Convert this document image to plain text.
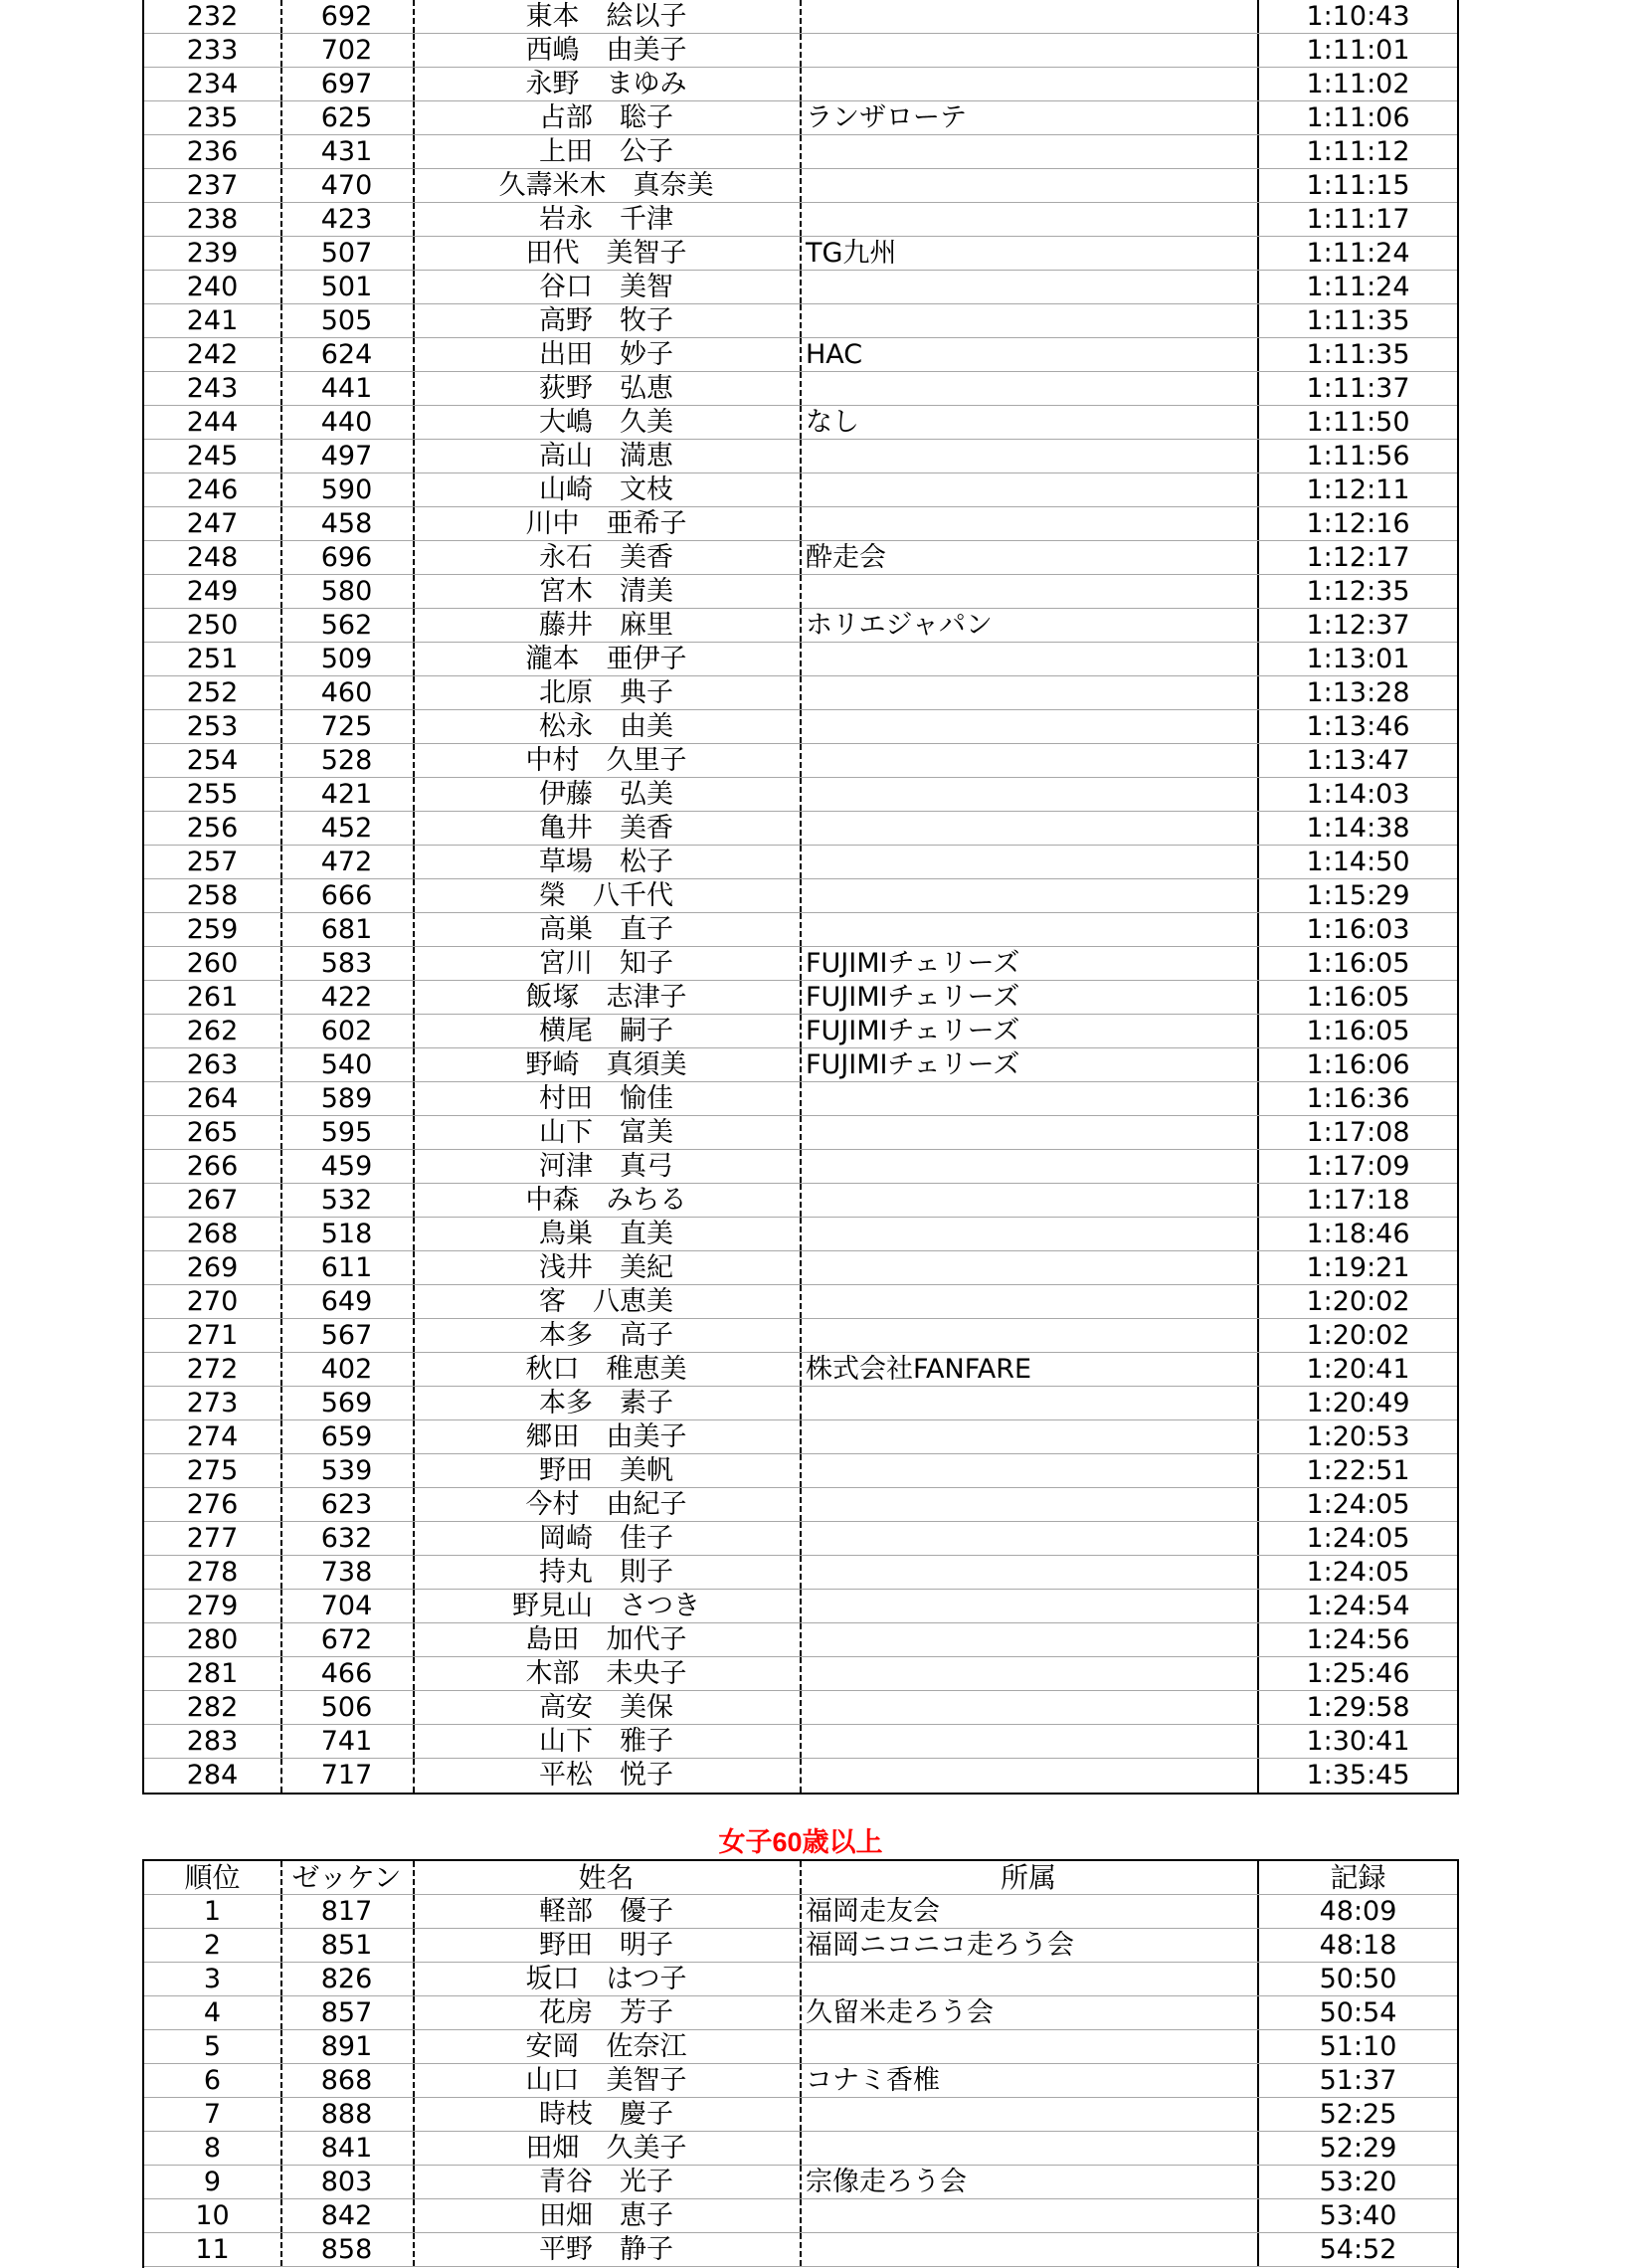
232	692	東本　絵以子	1:10:43
233	702	西嶋　由美子	1:11:01
234	697	永野　まゆみ	1:11:02
235	625	占部　聡子	ランザローテ	1:11:06
236	431	上田　公子	1:11:12
237	470	久壽米木　真奈美	1:11:15
238	423	岩永　千津	1:11:17
239	507	田代　美智子	TG九州	1:11:24
240	501	谷口　美智	1:11:24
241	505	高野　牧子	1:11:35
242	624	出田　妙子	HAC	1:11:35
243	441	荻野　弘恵	1:11:37
244	440	大嶋　久美	なし	1:11:50
245	497	高山　満恵	1:11:56
246	590	山崎　文枝	1:12:11
247	458	川中　亜希子	1:12:16
248	696	永石　美香	酔走会	1:12:17
249	580	宮木　清美	1:12:35
250	562	藤井　麻里	ホリエジャパン	1:12:37
251	509	瀧本　亜伊子	1:13:01
252	460	北原　典子	1:13:28
253	725	松永　由美	1:13:46
254	528	中村　久里子	1:13:47
255	421	伊藤　弘美	1:14:03
256	452	亀井　美香	1:14:38
257	472	草場　松子	1:14:50
258	666	榮　八千代	1:15:29
259	681	高巣　直子	1:16:03
260	583	宮川　知子	FUJIMIチェリーズ	1:16:05
261	422	飯塚　志津子	FUJIMIチェリーズ	1:16:05
262	602	横尾　嗣子	FUJIMIチェリーズ	1:16:05
263	540	野崎　真須美	FUJIMIチェリーズ	1:16:06
264	589	村田　愉佳	1:16:36
265	595	山下　富美	1:17:08
266	459	河津　真弓	1:17:09
267	532	中森　みちる	1:17:18
268	518	鳥巣　直美	1:18:46
269	611	浅井　美紀	1:19:21
270	649	客　八恵美	1:20:02
271	567	本多　高子	1:20:02
272	402	秋口　稚恵美	株式会社FANFARE	1:20:41
273	569	本多　素子	1:20:49
274	659	郷田　由美子	1:20:53
275	539	野田　美帆	1:22:51
276	623	今村　由紀子	1:24:05
277	632	岡崎　佳子	1:24:05
278	738	持丸　則子	1:24:05
279	704	野見山　さつき	1:24:54
280	672	島田　加代子	1:24:56
281	466	木部　未央子	1:25:46
282	506	高安　美保	1:29:58
283	741	山下　雅子	1:30:41
284	717	平松　悦子	1:35:45
女子60歳以上
順位	ゼッケン	姓名	所属	記録
1	817	軽部　優子	福岡走友会	48:09
2	851	野田　明子	福岡ニコニコ走ろう会	48:18
3	826	坂口　はつ子	50:50
4	857	花房　芳子	久留米走ろう会	50:54
5	891	安岡　佐奈江	51:10
6	868	山口　美智子	コナミ香椎	51:37
7	888	時枝　慶子	52:25
8	841	田畑　久美子	52:29
9	803	青谷　光子	宗像走ろう会	53:20
10	842	田畑　恵子	53:40
11	858	平野　静子	54:52
